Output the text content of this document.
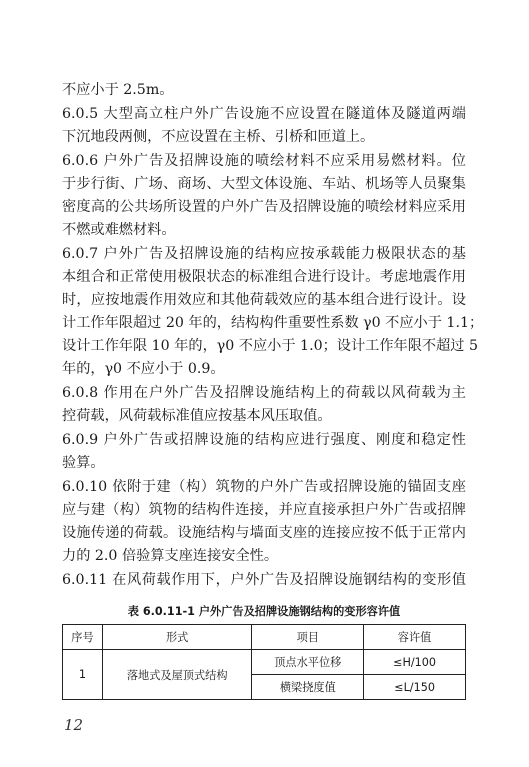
不应小于 2.5m。
6.0.5 大型高立柱户外广告设施不应设置在隧道体及隧道两端
下沉地段两侧，不应设置在主桥、引桥和匝道上。
6.0.6 户外广告及招牌设施的喷绘材料不应采用易燃材料。位
于步行街、广场、商场、大型文体设施、车站、机场等人员聚集
密度高的公共场所设置的户外广告及招牌设施的喷绘材料应采用
不燃或难燃材料。
6.0.7 户外广告及招牌设施的结构应按承载能力极限状态的基
本组合和正常使用极限状态的标准组合进行设计。考虑地震作用
时，应按地震作用效应和其他荷载效应的基本组合进行设计。设
计工作年限超过 20 年的，结构构件重要性系数 γ0 不应小于 1.1；
设计工作年限 10 年的，γ0 不应小于 1.0；设计工作年限不超过 5
年的，γ0 不应小于 0.9。
6.0.8 作用在户外广告及招牌设施结构上的荷载以风荷载为主
控荷载，风荷载标准值应按基本风压取值。
6.0.9 户外广告或招牌设施的结构应进行强度、刚度和稳定性
验算。
6.0.10 依附于建（构）筑物的户外广告或招牌设施的锚固支座
应与建（构）筑物的结构件连接，并应直接承担户外广告或招牌
设施传递的荷载。设施结构与墙面支座的连接应按不低于正常内
力的 2.0 倍验算支座连接安全性。
6.0.11 在风荷载作用下，户外广告及招牌设施钢结构的变形值
表 6.0.11-1 户外广告及招牌设施钢结构的变形容许值
序号	形式	项目	容许值
1	落地式及屋顶式结构	顶点水平位移	≤H/100
		横梁挠度值	≤L/150
12
